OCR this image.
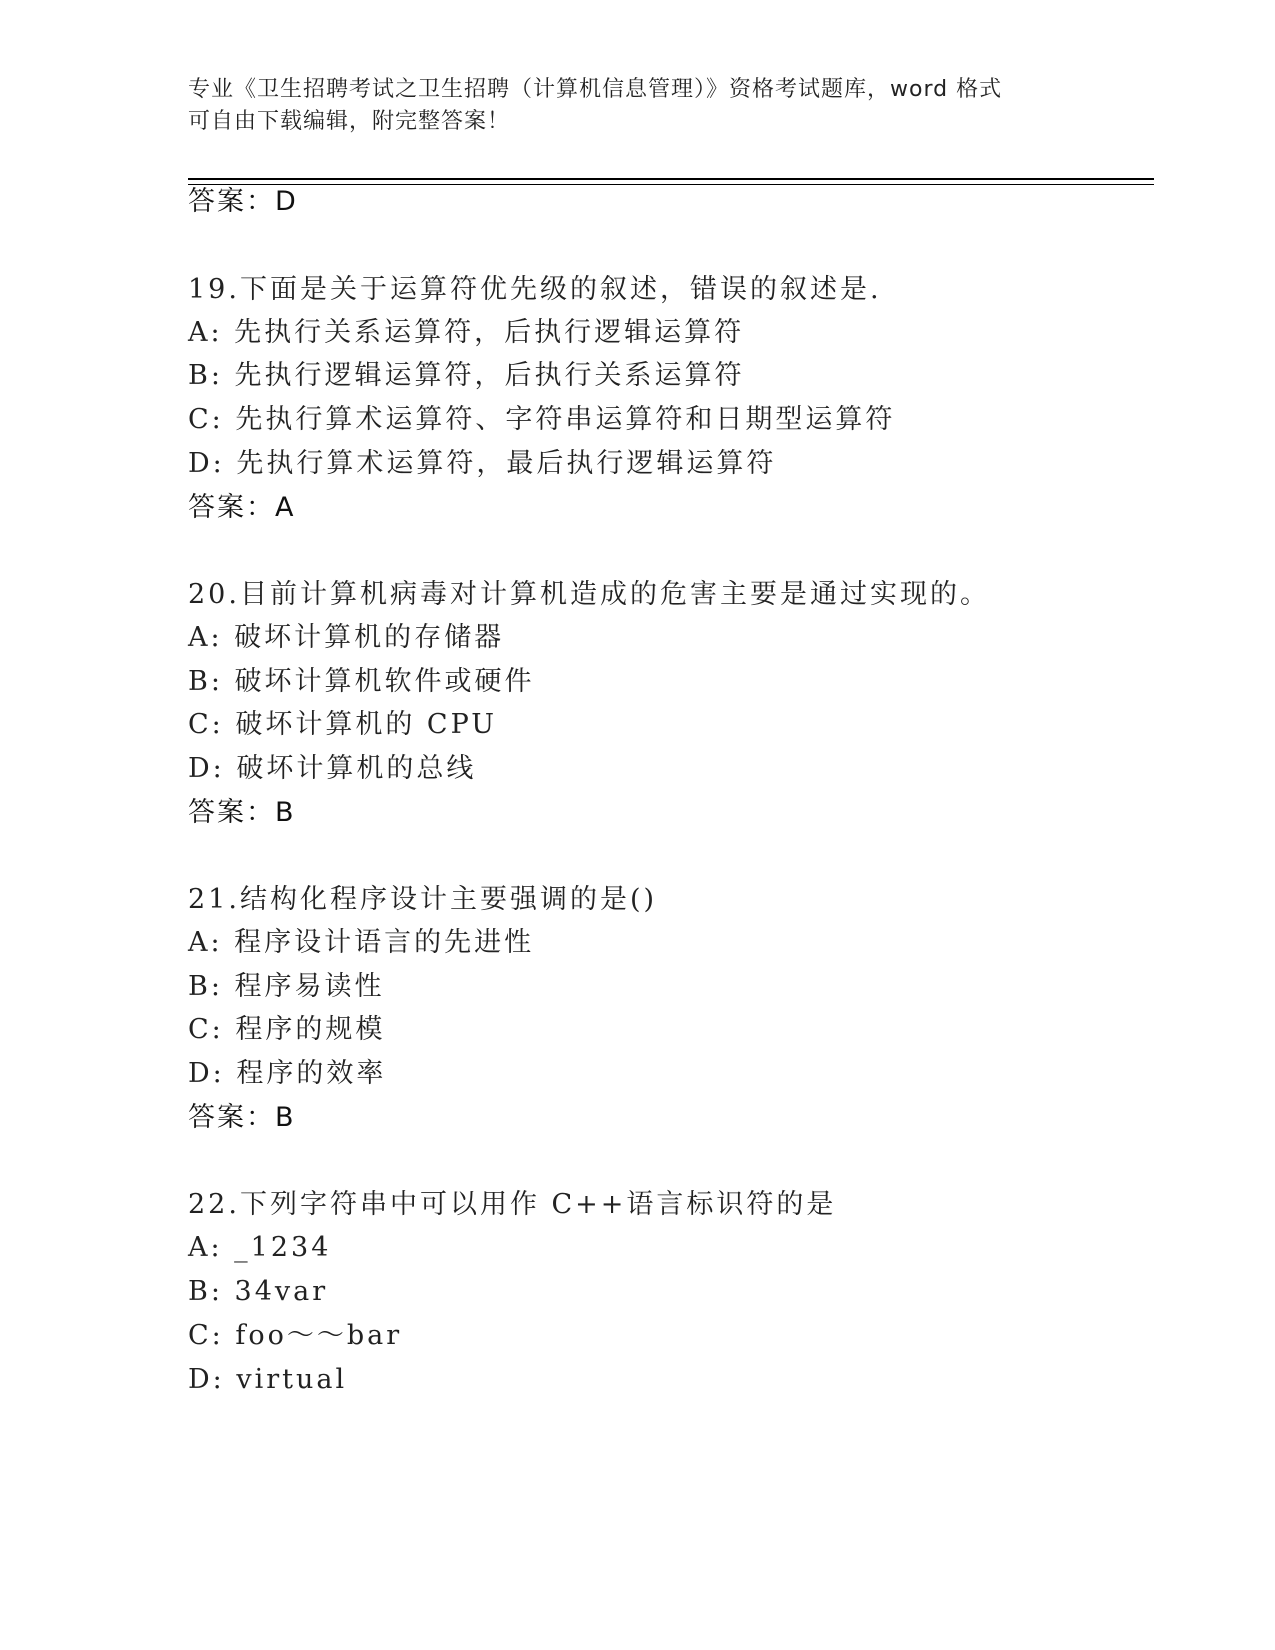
专业《卫生招聘考试之卫生招聘（计算机信息管理）》资格考试题库，word 格式
可自由下载编辑，附完整答案！
答案：D
19.下面是关于运算符优先级的叙述，错误的叙述是.
A: 先执行关系运算符，后执行逻辑运算符
B: 先执行逻辑运算符，后执行关系运算符
C: 先执行算术运算符、字符串运算符和日期型运算符
D: 先执行算术运算符，最后执行逻辑运算符
答案：A
20.目前计算机病毒对计算机造成的危害主要是通过实现的。
A: 破坏计算机的存储器
B: 破坏计算机软件或硬件
C: 破坏计算机的 CPU
D: 破坏计算机的总线
答案：B
21.结构化程序设计主要强调的是()
A: 程序设计语言的先进性
B: 程序易读性
C: 程序的规模
D: 程序的效率
答案：B
22.下列字符串中可以用作 C++语言标识符的是
A: _1234
B: 34var
C: foo～～bar
D: virtual
